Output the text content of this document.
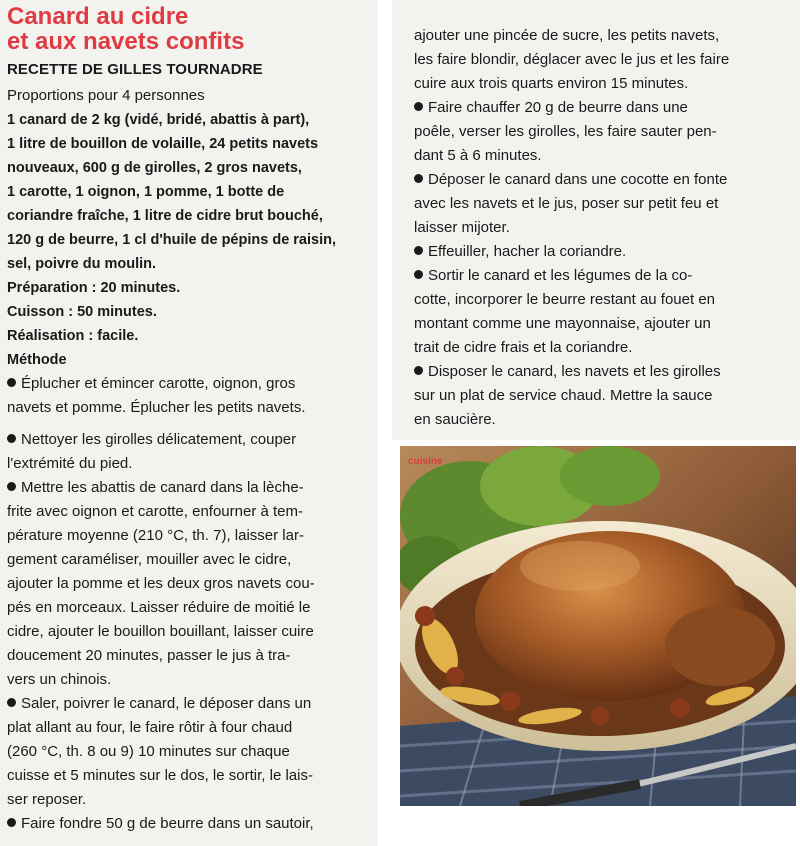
Canard au cidre
et aux navets confits
RECETTE DE GILLES TOURNADRE
Proportions pour 4 personnes
1 canard de 2 kg (vidé, bridé, abattis à part),
1 litre de bouillon de volaille, 24 petits navets
nouveaux, 600 g de girolles, 2 gros navets,
1 carotte, 1 oignon, 1 pomme, 1 botte de
coriandre fraîche, 1 litre de cidre brut bouché,
120 g de beurre, 1 cl d'huile de pépins de raisin,
sel, poivre du moulin.
Préparation : 20 minutes.
Cuisson : 50 minutes.
Réalisation : facile.
Méthode
Éplucher et émincer carotte, oignon, gros
navets et pomme. Éplucher les petits navets.
Nettoyer les girolles délicatement, couper
l'extrémité du pied.
Mettre les abattis de canard dans la lèche-
frite avec oignon et carotte, enfourner à tem-
pérature moyenne (210 °C, th. 7), laisser lar-
gement caraméliser, mouiller avec le cidre,
ajouter la pomme et les deux gros navets cou-
pés en morceaux. Laisser réduire de moitié le
cidre, ajouter le bouillon bouillant, laisser cuire
doucement 20 minutes, passer le jus à tra-
vers un chinois.
Saler, poivrer le canard, le déposer dans un
plat allant au four, le faire rôtir à four chaud
(260 °C, th. 8 ou 9) 10 minutes sur chaque
cuisse et 5 minutes sur le dos, le sortir, le lais-
ser reposer.
Faire fondre 50 g de beurre dans un sautoir,
ajouter une pincée de sucre, les petits navets,
les faire blondir, déglacer avec le jus et les faire
cuire aux trois quarts environ 15 minutes.
Faire chauffer 20 g de beurre dans une
poêle, verser les girolles, les faire sauter pen-
dant 5 à 6 minutes.
Déposer le canard dans une cocotte en fonte
avec les navets et le jus, poser sur petit feu et
laisser mijoter.
Effeuiller, hacher la coriandre.
Sortir le canard et les légumes de la co-
cotte, incorporer le beurre restant au fouet en
montant comme une mayonnaise, ajouter un
trait de cidre frais et la coriandre.
Disposer le canard, les navets et les girolles
sur un plat de service chaud. Mettre la sauce
en saucière.
cuisine
